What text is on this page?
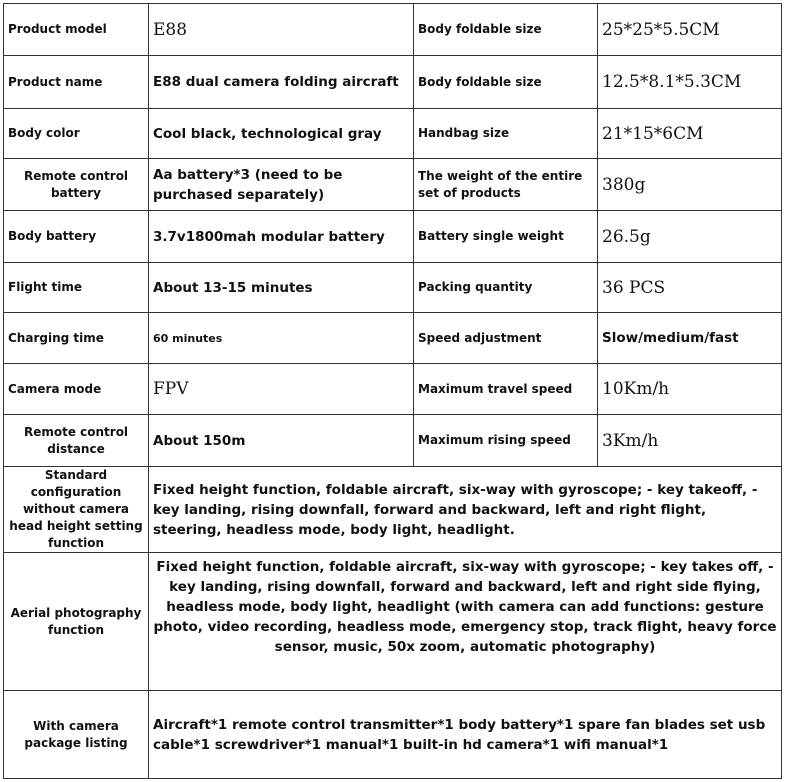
Product model	E88	Body foldable size	25*25*5.5CM
Product name	E88 dual camera folding aircraft	Body foldable size	12.5*8.1*5.3CM
Body color	Cool black, technological gray	Handbag size	21*15*6CM
Remote control battery	Aa battery*3 (need to be purchased separately)	The weight of the entire set of products	380g
Body battery	3.7v1800mah modular battery	Battery single weight	26.5g
Flight time	About 13-15 minutes	Packing quantity	36 PCS
Charging time	60 minutes	Speed adjustment	Slow/medium/fast
Camera mode	FPV	Maximum travel speed	10Km/h
Remote control distance	About 150m	Maximum rising speed	3Km/h
Standard configuration without camera head height setting function	Fixed height function, foldable aircraft, six-way with gyroscope; - key takeoff, - key landing, rising downfall, forward and backward, left and right flight, steering, headless mode, body light, headlight.		
Aerial photography function	Fixed height function, foldable aircraft, six-way with gyroscope; - key takes off, - key landing, rising downfall, forward and backward, left and right side flying, headless mode, body light, headlight (with camera can add functions: gesture photo, video recording, headless mode, emergency stop, track flight, heavy force sensor, music, 50x zoom, automatic photography)		
With camera package listing	Aircraft*1 remote control transmitter*1 body battery*1 spare fan blades set usb cable*1 screwdriver*1 manual*1 built-in hd camera*1 wifi manual*1		
